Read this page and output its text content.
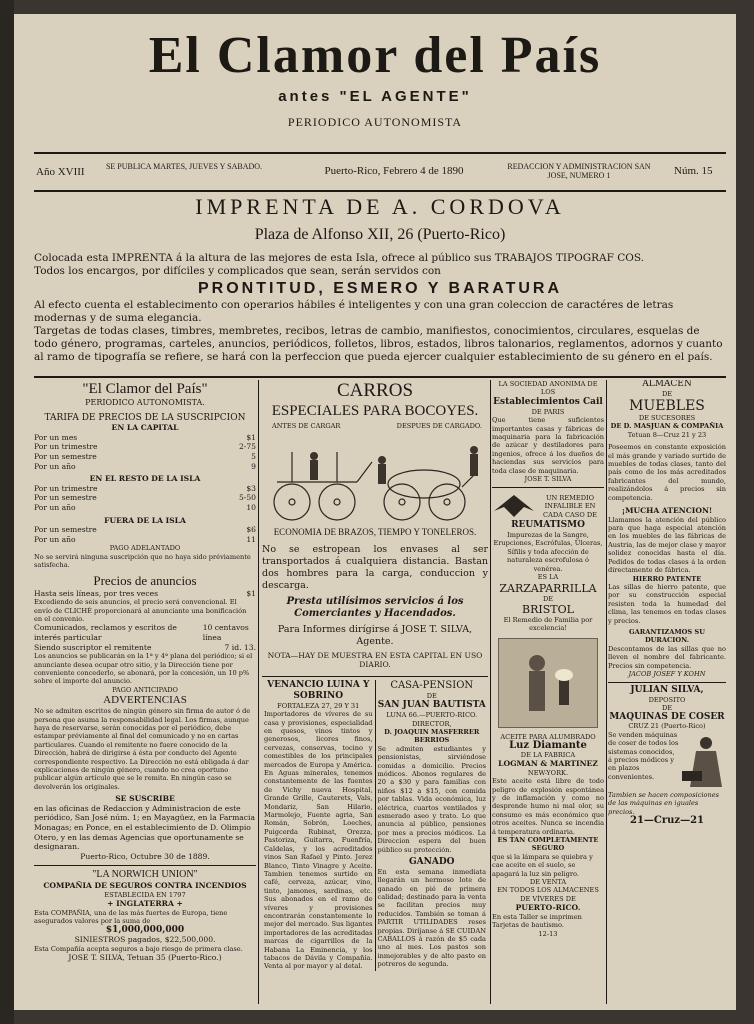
El Clamor del País
antes "EL AGENTE"
PERIODICO AUTONOMISTA
Año XVIII	SE PUBLICA MARTES, JUEVES Y SABADO.	Puerto-Rico, Febrero 4 de 1890	REDACCION Y ADMINISTRACION SAN JOSE, NUMERO 1	Núm. 15
IMPRENTA DE A. CORDOVA
Plaza de Alfonso XII, 26 (Puerto-Rico)
Colocada esta IMPRENTA á la altura de las mejores de esta Isla, ofrece al público sus TRABAJOS TIPOGRAF COS.
Todos los encargos, por difíciles y complicados que sean, serán servidos con
PRONTITUD, ESMERO Y BARATURA
Al efecto cuenta el establecimento con operarios hábiles é inteligentes y con una gran coleccion de caractéres de letras modernas y de suma elegancia.
Targetas de todas clases, timbres, membretes, recibos, letras de cambio, manifiestos, conocimientos, circulares, esquelas de todo género, programas, carteles, anuncios, periódicos, folletos, libros, estados, libros talonarios, reglamentos, adornos y cuanto al ramo de tipografía se refiere, se hará con la perfeccion que pueda ejercer cualquier establecimiento de su género en el país.
"El Clamor del País"
PERIODICO AUTONOMISTA.
TARIFA DE PRECIOS DE LA SUSCRIPCION
EN LA CAPITAL
Por un mes	$1
Por un trimestre	2-75
Por un semestre	5
Por un año	9
EN EL RESTO DE LA ISLA
Por un trimestre	$3
Por un semestre	5-50
Por un año	10
FUERA DE LA ISLA
Por un semestre	$6
Por un año	11
PAGO ADELANTADO
No se servirá ninguna suscripción que no haya sido préviamente satisfecha.
Precios de anuncios
Hasta seis líneas, por tres veces	$1
Excediendo de seis anuncios, el precio será convencional. El envío de CLICHÉ proporcionará al anunciante una bonificación en el convenio.
Comunicados, reclamos y escritos de interés particular
10 centavos línea
Siendo suscriptor el remitente	7 id. 13.
Los anuncios se publicarán en la 1ª y 4ª plana del periódico; si el anunciante desea ocupar otro sitio, y la Dirección tiene por conveniente concederlo, se abonará, por la concesión, un 10 p% sobre el importe del anuncio.
PAGO ANTICIPADO
ADVERTENCIAS
No se admiten escritos de ningún género sin firma de autor ó de persona que asuma la responsabilidad legal. Los firmas, aunque haya de reservarse, serán conocidas por el periódico, debe estampar préviamente al final del comunicado y no en cartas particulares. Cuando el remitente no fuere conocido de la Dirección, habrá de dirigirse á ésta por conducto del Agente correspondiente respectivo. La Dirección no está obligada á dar explicaciones de ningún género, cuando no crea oportuno publicar algún artículo que se le remita. En ningún caso se devolverán los originales.
SE SUSCRIBE
en las oficinas de Redaccion y Administracion de este periódico, San José núm. 1; en Mayagüez, en la Farmacia Monagas; en Ponce, en el establecimiento de D. Olimpio Otero, y en las demas Agencias que oportunamente se designaran.
Puerto-Rico, Octubre 30 de 1889.
"LA NORWICH UNION"
COMPAÑIA DE SEGUROS CONTRA INCENDIOS
ESTABLECIDA EN 1797
+ INGLATERRA +
Esta COMPAÑIA, una de las más fuertes de Europa, tiene asegurados valores por la suma de
$1,000,000,000
SINIESTROS pagados, $22,500,000.
Esta Compañía acepta seguros a bajo riesgo de primera clase.
JOSE T. SILVA, Tetuan 35 (Puerto-Rico.)
CARROS
ESPECIALES PARA BOCOYES.
ANTES DE CARGAR	DESPUES DE CARGADO.
ECONOMIA DE BRAZOS, TIEMPO Y TONELEROS.
No se estropean los envases al ser transportados á cualquiera distancia. Bastan dos hombres para la carga, conduccion y descarga.
Presta utilísimos servicios á los Comerciantes y Hacendados.
Para Informes dirígirse á JOSE T. SILVA, Agente.
NOTA—HAY DE MUESTRA EN ESTA CAPITAL EN USO DIARIO.
VENANCIO LUINA Y SOBRINO
FORTALEZA 27, 29 Y 31
Importadores de víveres de su casa y provisiones, especialidad en quesos, vinos tintos y generosos, licores finos, cervezas, conservas, tocino y comestibles de los principales mercados de Europa y América. En Aguas minerales, tenemos constantemente de las fuentes de Vichy nueva Hospital, Grande Grille, Cauterets, Vals, Mondariz, San Hilario, Marmolejo, Fuente agria, San Román, Sobrón, Loeches, Puigcerda Rubinat, Orezza, Pastoriza, Guitarra, Fuenfría, Caldelas, y los acreditados vinos San Rafael y Pinto. Jerez Blanco, Tinto Vinagre y Aceite. Tambien tenemos surtido en café, cerveza, azúcar, vino, tinto, jamones, sardinas, etc. Sus abonados en el ramo de víveres y provisiones encontrarán constantemente lo mejor del mercado. Sus ligantes importadores de las acreditadas marcas de cigarrillos de la Habana La Eminencia, y los tabacos de Dávila y Compañía. Venta al por mayor y al detal.
CASA-PENSION
DE
SAN JUAN BAUTISTA
LUNA 66.—PUERTO-RICO.
DIRECTOR,
D. JOAQUIN MASFERRER BERRIOS
Se admiten estudiantes y pensionistas, sirviéndose comidas a domicilio. Precios módicos. Abonos regulares de 20 a $30 y para familias con niños $12 a $15, con comida por tablas. Vida económica, luz eléctrica, cuartos ventilados y esmerado aseo y trato. Lo que anuncia al público, pensiones por mes a precios módicos. La Direccion espera del buen público su protección.
GANADO
En esta semana inmediata llegarán un hermoso lote de ganado en pié de primera calidad; destinado para la venta se facilitan precios muy reducidos. También se toman á PARTIR UTILIDADES reses propias. Diríjanse á SE CUIDAN CABALLOS á razón de $5 cada uno al mes. Los pastos son inmejorables y de alto pasto en potreros de segunda.
LA SOCIEDAD ANONIMA DE LOS
Establecimientos Cail
DE PARIS
Que tiene suficientes importantes casas y fábricas de maquinaria para la fabricación de azúcar y destiladores para ingenios, ofrece á los dueños de haciendas sus servicios para toda clase de maquinaria.
JOSE T. SILVA
UN REMEDIO INFALIBLE EN CADA CASO DE
REUMATISMO
Impurezas de la Sangre, Erupciones, Escrófulas, Úlceras, Sífilis y toda afección de naturaleza escrofulosa ó venérea.
ES LA
ZARZAPARRILLA
DE
BRISTOL
El Remedio de Familia por excelencia!
ACEITE PARA ALUMBRADO
Luz Diamante
DE LA FABRICA
LOGMAN & MARTINEZ
NEW-YORK.
Este aceite está libre de todo peligro de explosión espontánea y de inflamación y como no desprende humo ni mal olor, su consumo es más económico que otros aceites. Nunca se incendia á temperatura ordinaria.
ES TAN COMPLETAMENTE SEGURO
que si la lámpara se quiebra y cae aceite en el suelo, se apagará la luz sin peligro.
DE VENTA
EN TODOS LOS ALMACENES DE VÍVERES DE
PUERTO-RICO.
En esta Taller se imprimen Tarjetas de bautismo.
12-13
ALMACEN
DE
MUEBLES
DE SUCESORES
DE D. MASJUAN & COMPAÑIA
Tetuan 8—Cruz 21 y 23
Poseemos en constante exposición el más grande y variado surtido de muebles de todas clases, tanto del país como de los más acreditados fabricantes del mundo, realizándolos á precios sin competencia.
¡MUCHA ATENCION!
Llamamos la atención del público para que haga especial atención en los muebles de las fábricas de Austria, las de mejor clase y mayor solidez conocidas hasta el día. Pedidos de todas clases á la orden directamente de fábrica.
HIERRO PATENTE
Las sillas de hierro patente, que por su construcción especial resisten toda la humedad del clima, las tenemos en todas clases y precios.
GARANTIZAMOS SU DURACION.
Descontamos de las sillas que no lleven el nombre del fabricante. Precios sin competencia.
JACOB JOSEF Y KOHN
JULIAN SILVA,
DEPOSITO
DE
MAQUINAS DE COSER
CRUZ 21 (Puerto-Rico)
Se venden máquinas de coser de todos los sistemas conocidos, á precios módicos y en plazos convenientes.
Tambien se hacen composiciones de las máquinas en iguales precios.
21—Cruz—21
